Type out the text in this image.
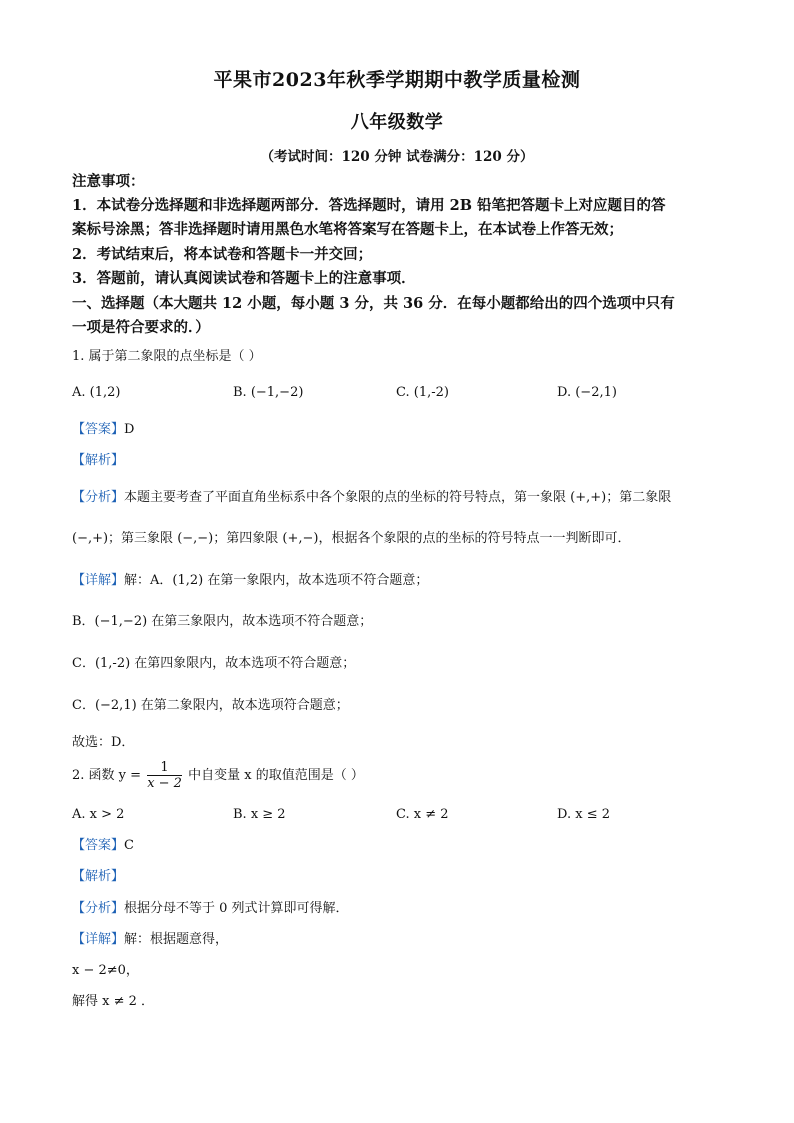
平果市2023年秋季学期期中教学质量检测
八年级数学
（考试时间：120 分钟 试卷满分：120 分）
注意事项：
1．本试卷分选择题和非选择题两部分．答选择题时，请用 2B 铅笔把答题卡上对应题目的答
案标号涂黑；答非选择题时请用黑色水笔将答案写在答题卡上，在本试卷上作答无效；
2．考试结束后，将本试卷和答题卡一并交回；
3．答题前，请认真阅读试卷和答题卡上的注意事项．
一、选择题（本大题共 12 小题，每小题 3 分，共 36 分．在每小题都给出的四个选项中只有
一项是符合要求的．）
1. 属于第二象限的点坐标是（ ）
A. (1,2)	B. (−1,−2)	C. (1,-2)	D. (−2,1)
【答案】D
【解析】
【分析】本题主要考查了平面直角坐标系中各个象限的点的坐标的符号特点，第一象限 (+,+)；第二象限
(−,+)；第三象限 (−,−)；第四象限 (+,−)，根据各个象限的点的坐标的符号特点一一判断即可．
【详解】解：A．(1,2) 在第一象限内，故本选项不符合题意；
B．(−1,−2) 在第三象限内，故本选项不符合题意；
C．(1,-2) 在第四象限内，故本选项不符合题意；
C．(−2,1) 在第二象限内，故本选项符合题意；
故选：D．
2. 函数 $y = \frac{1}{x - 2}$ 中自变量 x 的取值范围是（ ）
A. x > 2	B. x ≥ 2	C. x ≠ 2	D. x ≤ 2
【答案】C
【解析】
【分析】根据分母不等于 0 列式计算即可得解．
【详解】解：根据题意得，
x − 2≠0，
解得 x ≠ 2 ．
